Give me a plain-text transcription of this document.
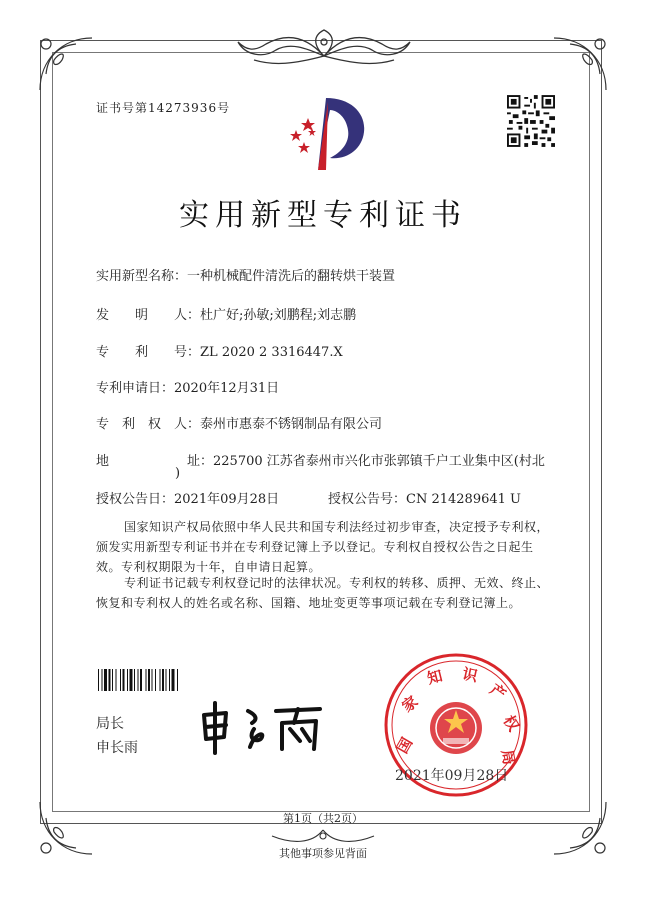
证书号第14273936号
实用新型专利证书
实用新型名称：一种机械配件清洗后的翻转烘干装置
发　　明　　人：杜广好;孙敏;刘鹏程;刘志鹏
专　　利　　号：ZL 2020 2 3316447.X
专利申请日：2020年12月31日
专　利　权　人：泰州市惠泰不锈钢制品有限公司
地　　　　　　址：225700 江苏省泰州市兴化市张郭镇千户工业集中区(村北
)
授权公告日：2021年09月28日	授权公告号：CN 214289641 U
国家知识产权局依照中华人民共和国专利法经过初步审查，决定授予专利权，颁发实用新型专利证书并在专利登记簿上予以登记。专利权自授权公告之日起生效。专利权期限为十年，自申请日起算。
专利证书记载专利权登记时的法律状况。专利权的转移、质押、无效、终止、恢复和专利权人的姓名或名称、国籍、地址变更等事项记载在专利登记簿上。
局长
申长雨	国
家
知 识
产
权
局
2021年09月28日
第1页（共2页）
其他事项参见背面
